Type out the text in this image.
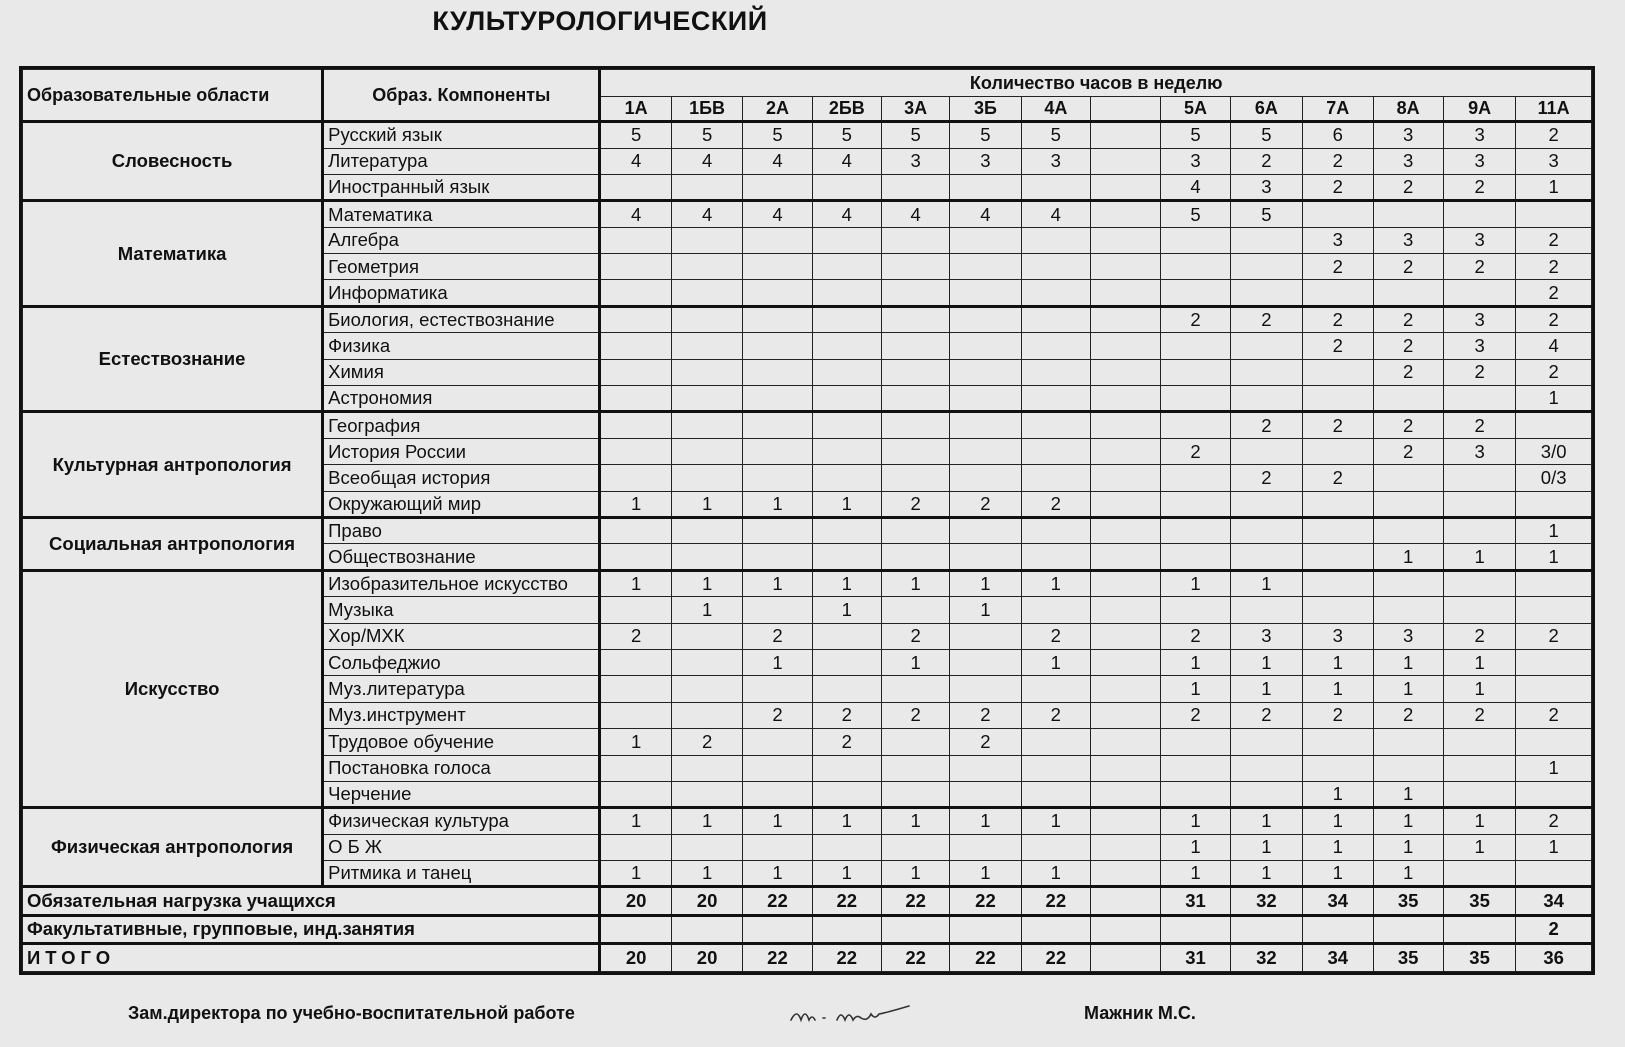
КУЛЬТУРОЛОГИЧЕСКИЙ
Образовательные области	Образ. Компоненты	Количество часов в неделю													
		1А	1БВ	2А	2БВ	3А	3Б	4А		5А	6А	7А	8А	9А	11А
Словесность	Русский язык	5	5	5	5	5	5	5		5	5	6	3	3	2
	Литература	4	4	4	4	3	3	3		3	2	2	3	3	3
	Иностранный язык									4	3	2	2	2	1
Математика	Математика	4	4	4	4	4	4	4		5	5				
	Алгебра											3	3	3	2
	Геометрия											2	2	2	2
	Информатика														2
Естествознание	Биология, естествознание									2	2	2	2	3	2
	Физика											2	2	3	4
	Химия												2	2	2
	Астрономия														1
Культурная антропология	География										2	2	2	2	
	История России									2			2	3	3/0
	Всеобщая история										2	2			0/3
	Окружающий мир	1	1	1	1	2	2	2							
Социальная антропология	Право														1
	Обществознание												1	1	1
Искусство	Изобразительное искусство	1	1	1	1	1	1	1		1	1				
	Музыка		1		1		1								
	Хор/МХК	2		2		2		2		2	3	3	3	2	2
	Сольфеджио			1		1		1		1	1	1	1	1	
	Муз.литература									1	1	1	1	1	
	Муз.инструмент			2	2	2	2	2		2	2	2	2	2	2
	Трудовое обучение	1	2		2		2								
	Постановка голоса														1
	Черчение											1	1		
Физическая антропология	Физическая культура	1	1	1	1	1	1	1		1	1	1	1	1	2
	О Б Ж									1	1	1	1	1	1
	Ритмика и танец	1	1	1	1	1	1	1		1	1	1	1		
Обязательная нагрузка учащихся		20	20	22	22	22	22	22		31	32	34	35	35	34
Факультативные, групповые, инд.занятия															2
ИТОГО		20	20	22	22	22	22	22		31	32	34	35	35	36
Зам.директора по учебно-воспитательной работе	Мажник М.С.
